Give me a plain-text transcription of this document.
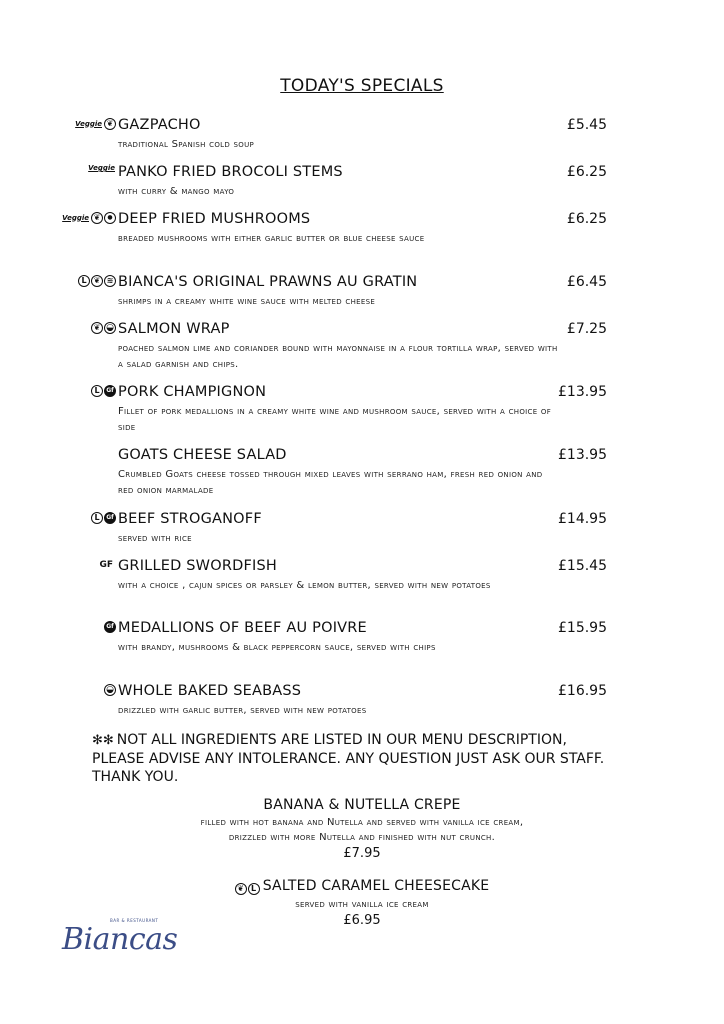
TODAY'S SPECIALS
Veggie ❦ GAZPACHO	£5.45
traditional Spanish cold soup
Veggie PANKO FRIED BROCOLI STEMS	£6.25
with curry & mango mayo
Veggie ❦	● DEEP FRIED MUSHROOMS	£6.25
breaded mushrooms with either garlic butter or blue cheese sauce
L ❦ ≋ BIANCA'S ORIGINAL PRAWNS AU GRATIN	£6.45
shrimps in a creamy white wine sauce with melted cheese
❦ ◒ SALMON WRAP	£7.25
poached salmon lime and coriander bound with mayonnaise in a flour tortilla wrap, served with a salad garnish and chips.
L	Gf PORK CHAMPIGNON	£13.95
Fillet of pork medallions in a creamy white wine and mushroom sauce, served with a choice of side
GOATS CHEESE SALAD	£13.95
Crumbled Goats cheese tossed through mixed leaves with serrano ham, fresh red onion and red onion marmalade
L	Gf BEEF STROGANOFF	£14.95
served with rice
GF GRILLED SWORDFISH	£15.45
with a choice , cajun spices or parsley & lemon butter, served with new potatoes
Gf MEDALLIONS OF BEEF AU POIVRE	£15.95
with brandy, mushrooms & black peppercorn sauce, served with chips
◒ WHOLE BAKED SEABASS	£16.95
drizzled with garlic butter, served with new potatoes
✻✻ NOT ALL INGREDIENTS ARE LISTED IN OUR MENU DESCRIPTION, PLEASE ADVISE ANY INTOLERANCE. ANY QUESTION JUST ASK OUR STAFF. THANK YOU.
BANANA & NUTELLA CREPE
filled with hot banana and Nutella and served with vanilla ice cream,
drizzled with more Nutella and finished with nut crunch.
£7.95
❦ L SALTED CARAMEL CHEESECAKE
served with vanilla ice cream
£6.95
Biancas
BAR & RESTAURANT
